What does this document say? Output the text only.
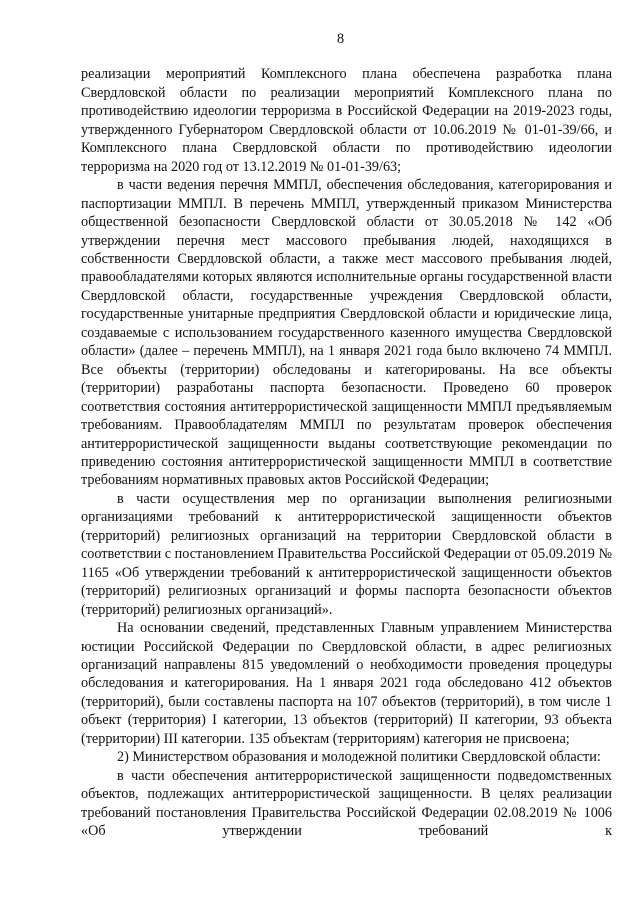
8

реализации мероприятий Комплексного плана обеспечена разработка плана Свердловской области по реализации мероприятий Комплексного плана по противодействию идеологии терроризма в Российской Федерации на 2019-2023 годы, утвержденного Губернатором Свердловской области от 10.06.2019 № 01-01-39/66, и Комплексного плана Свердловской области по противодействию идеологии терроризма на 2020 год от 13.12.2019 № 01-01-39/63;

в части ведения перечня ММПЛ, обеспечения обследования, категорирования и паспортизации ММПЛ. В перечень ММПЛ, утвержденный приказом Министерства общественной безопасности Свердловской области от 30.05.2018 № 142 «Об утверждении перечня мест массового пребывания людей, находящихся в собственности Свердловской области, а также мест массового пребывания людей, правообладателями которых являются исполнительные органы государственной власти Свердловской области, государственные учреждения Свердловской области, государственные унитарные предприятия Свердловской области и юридические лица, создаваемые с использованием государственного казенного имущества Свердловской области» (далее – перечень ММПЛ), на 1 января 2021 года было включено 74 ММПЛ. Все объекты (территории) обследованы и категорированы. На все объекты (территории) разработаны паспорта безопасности. Проведено 60 проверок соответствия состояния антитеррористической защищенности ММПЛ предъявляемым требованиям. Правообладателям ММПЛ по результатам проверок обеспечения антитеррористической защищенности выданы соответствующие рекомендации по приведению состояния антитеррористической защищенности ММПЛ в соответствие требованиям нормативных правовых актов Российской Федерации;

в части осуществления мер по организации выполнения религиозными организациями требований к антитеррористической защищенности объектов (территорий) религиозных организаций на территории Свердловской области в соответствии с постановлением Правительства Российской Федерации от 05.09.2019 № 1165 «Об утверждении требований к антитеррористической защищенности объектов (территорий) религиозных организаций и формы паспорта безопасности объектов (территорий) религиозных организаций».

На основании сведений, представленных Главным управлением Министерства юстиции Российской Федерации по Свердловской области, в адрес религиозных организаций направлены 815 уведомлений о необходимости проведения процедуры обследования и категорирования. На 1 января 2021 года обследовано 412 объектов (территорий), были составлены паспорта на 107 объектов (территорий), в том числе 1 объект (территория) I категории, 13 объектов (территорий) II категории, 93 объекта (территории) III категории. 135 объектам (территориям) категория не присвоена;

2) Министерством образования и молодежной политики Свердловской области:

в части обеспечения антитеррористической защищенности подведомственных объектов, подлежащих антитеррористической защищенности. В целях реализации требований постановления Правительства Российской Федерации 02.08.2019 № 1006 «Об утверждении требований к
